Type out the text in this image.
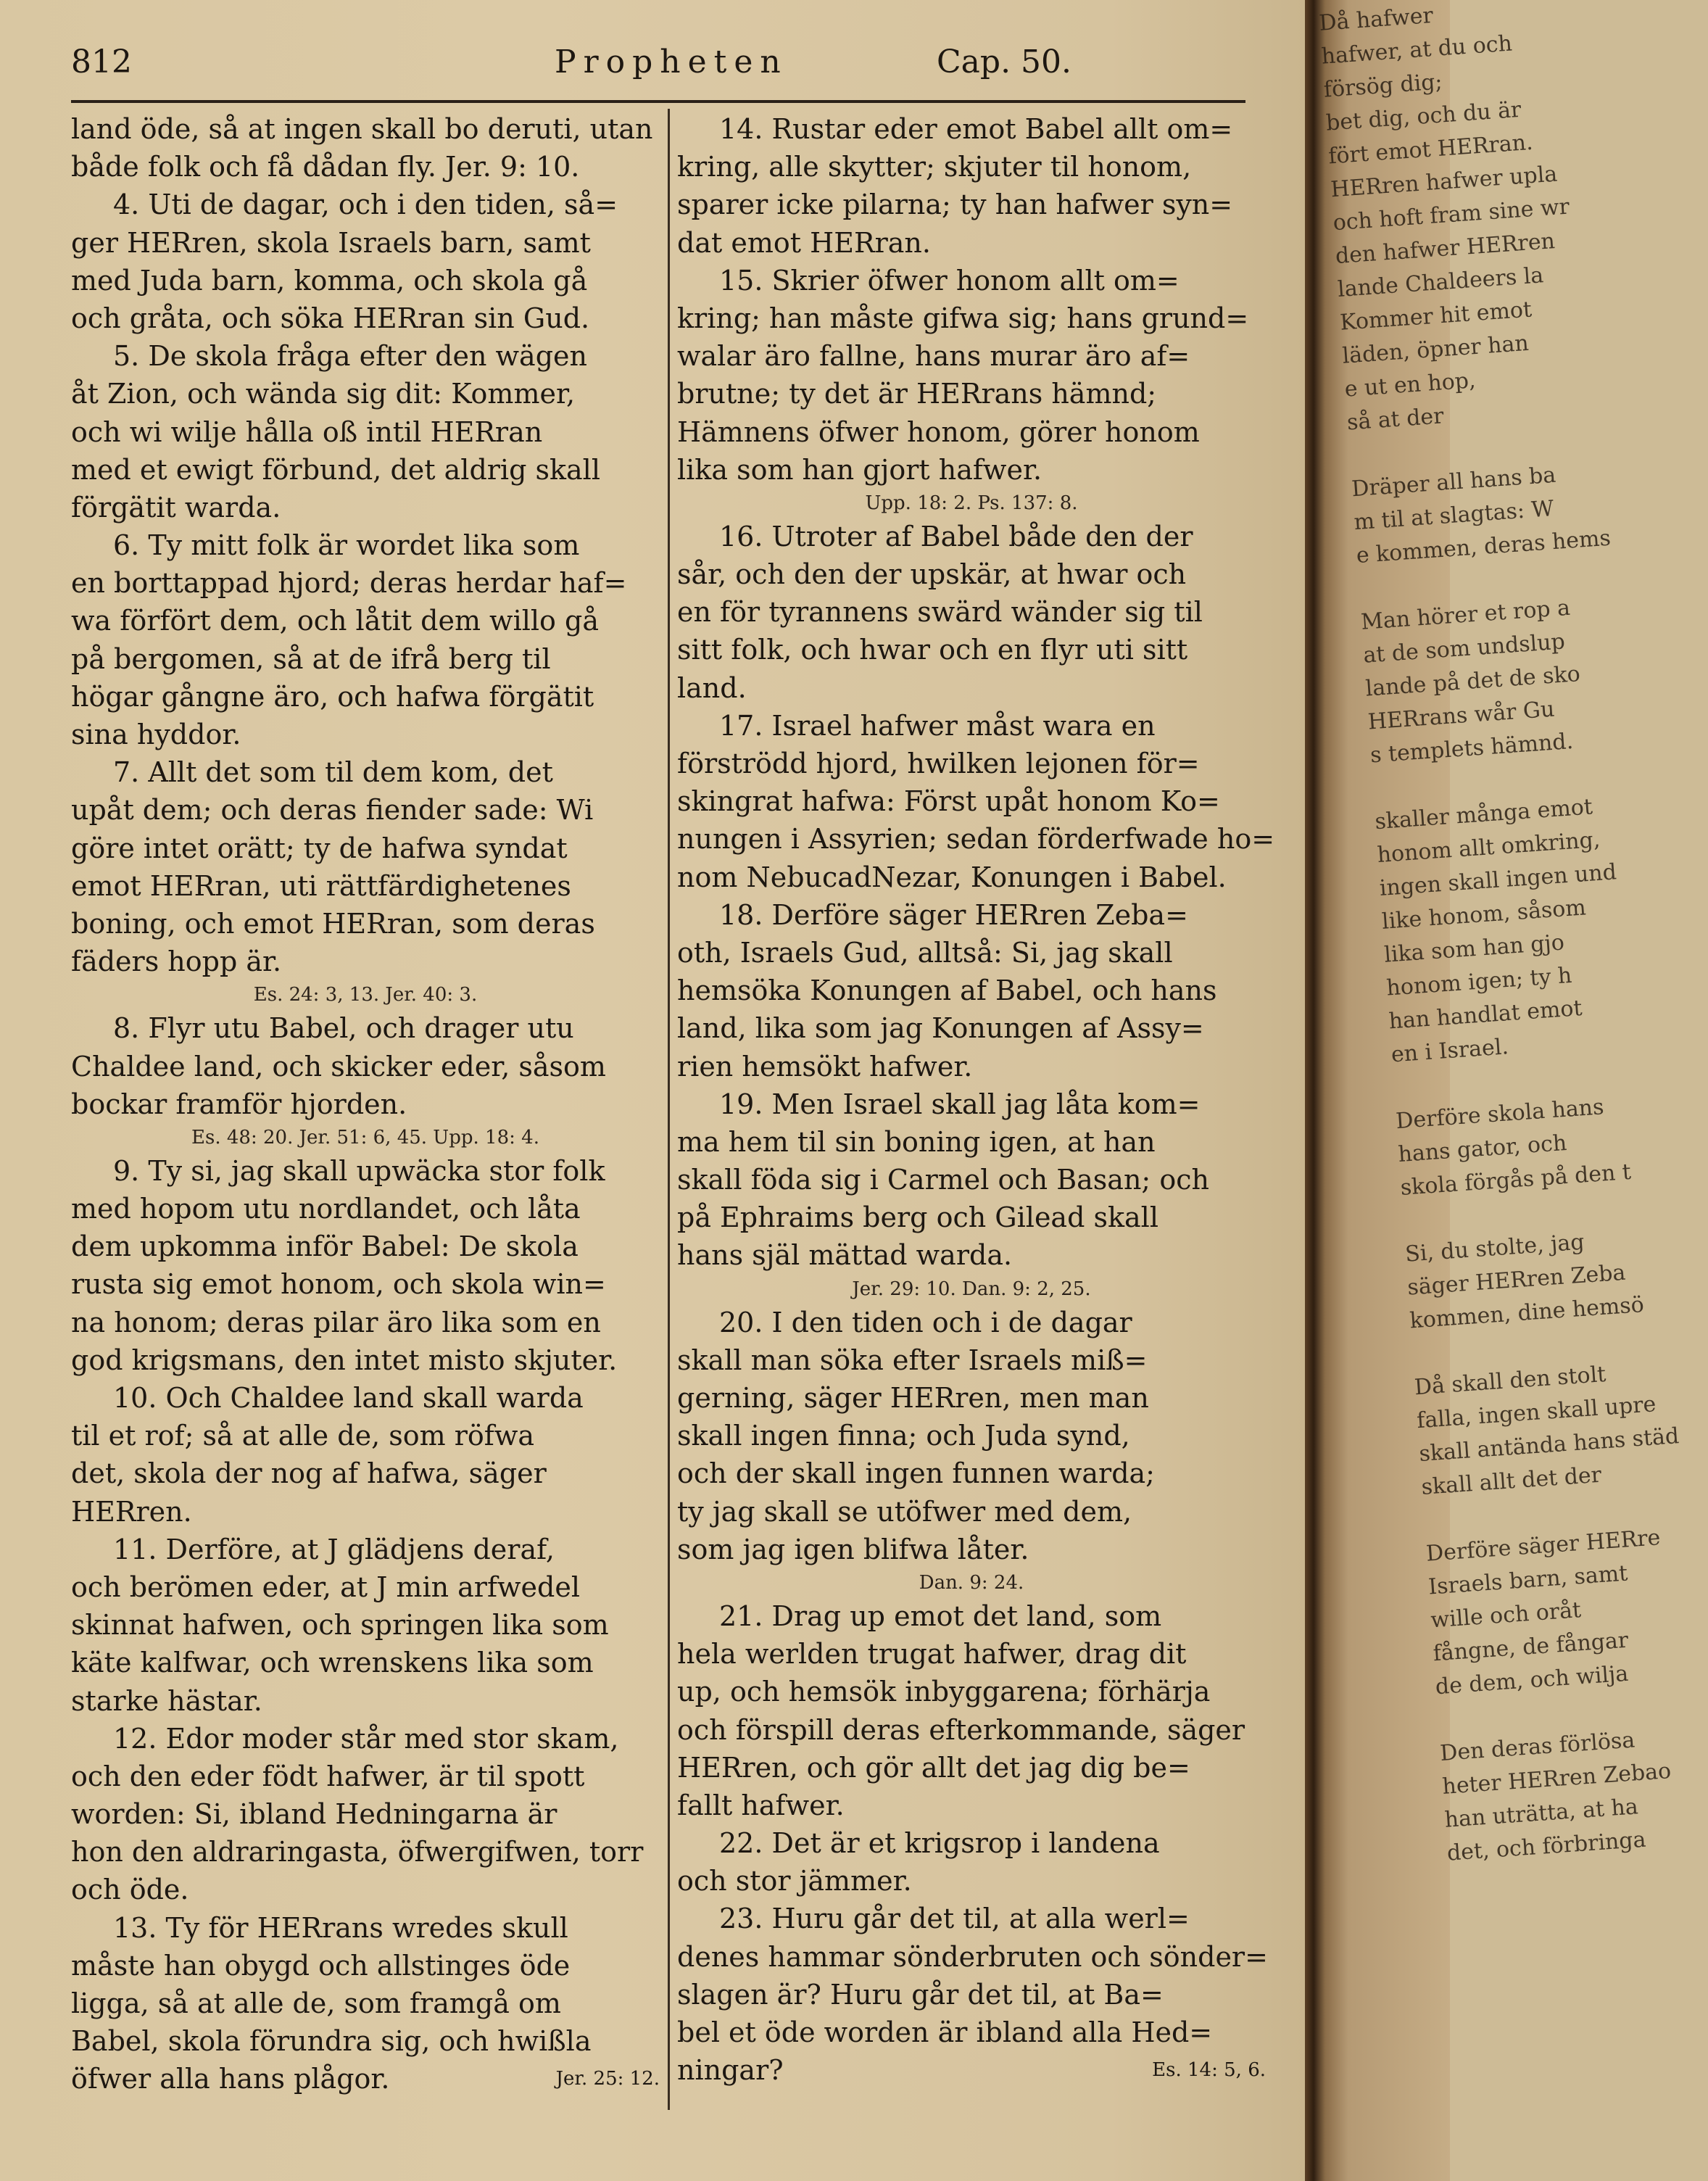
812	Propheten	Cap. 50.
land öde, så at ingen skall bo deruti, utan
både folk och få dådan fly. Jer. 9: 10.
4. Uti de dagar, och i den tiden, så=
ger HERren, skola Israels barn, samt
med Juda barn, komma, och skola gå
och gråta, och söka HERran sin Gud.
5. De skola fråga efter den wägen
åt Zion, och wända sig dit: Kommer,
och wi wilje hålla oß intil HERran
med et ewigt förbund, det aldrig skall
förgätit warda.
6. Ty mitt folk är wordet lika som
en borttappad hjord; deras herdar haf=
wa förfört dem, och låtit dem willo gå
på bergomen, så at de ifrå berg til
högar gångne äro, och hafwa förgätit
sina hyddor.
7. Allt det som til dem kom, det
upåt dem; och deras fiender sade: Wi
göre intet orätt; ty de hafwa syndat
emot HERran, uti rättfärdighetenes
boning, och emot HERran, som deras
fäders hopp är.
Es. 24: 3, 13. Jer. 40: 3.
8. Flyr utu Babel, och drager utu
Chaldee land, och skicker eder, såsom
bockar framför hjorden.
Es. 48: 20. Jer. 51: 6, 45. Upp. 18: 4.
9. Ty si, jag skall upwäcka stor folk
med hopom utu nordlandet, och låta
dem upkomma inför Babel: De skola
rusta sig emot honom, och skola win=
na honom; deras pilar äro lika som en
god krigsmans, den intet misto skjuter.
10. Och Chaldee land skall warda
til et rof; så at alle de, som röfwa
det, skola der nog af hafwa, säger
HERren.
11. Derföre, at J glädjens deraf,
och berömen eder, at J min arfwedel
skinnat hafwen, och springen lika som
käte kalfwar, och wrenskens lika som
starke hästar.
12. Edor moder står med stor skam,
och den eder födt hafwer, är til spott
worden: Si, ibland Hedningarna är
hon den aldraringasta, öfwergifwen, torr
och öde.
13. Ty för HERrans wredes skull
måste han obygd och allstinges öde
ligga, så at alle de, som framgå om
Babel, skola förundra sig, och hwißla
öfwer alla hans plågor.	Jer. 25: 12.
14. Rustar eder emot Babel allt om=
kring, alle skytter; skjuter til honom,
sparer icke pilarna; ty han hafwer syn=
dat emot HERran.
15. Skrier öfwer honom allt om=
kring; han måste gifwa sig; hans grund=
walar äro fallne, hans murar äro af=
brutne; ty det är HERrans hämnd;
Hämnens öfwer honom, görer honom
lika som han gjort hafwer.
Upp. 18: 2. Ps. 137: 8.
16. Utroter af Babel både den der
sår, och den der upskär, at hwar och
en för tyrannens swärd wänder sig til
sitt folk, och hwar och en flyr uti sitt
land.
17. Israel hafwer måst wara en
förströdd hjord, hwilken lejonen för=
skingrat hafwa: Först upåt honom Ko=
nungen i Assyrien; sedan förderfwade ho=
nom NebucadNezar, Konungen i Babel.
18. Derföre säger HERren Zeba=
oth, Israels Gud, alltså: Si, jag skall
hemsöka Konungen af Babel, och hans
land, lika som jag Konungen af Assy=
rien hemsökt hafwer.
19. Men Israel skall jag låta kom=
ma hem til sin boning igen, at han
skall föda sig i Carmel och Basan; och
på Ephraims berg och Gilead skall
hans själ mättad warda.
Jer. 29: 10. Dan. 9: 2, 25.
20. I den tiden och i de dagar
skall man söka efter Israels miß=
gerning, säger HERren, men man
skall ingen finna; och Juda synd,
och der skall ingen funnen warda;
ty jag skall se utöfwer med dem,
som jag igen blifwa låter.
Dan. 9: 24.
21. Drag up emot det land, som
hela werlden trugat hafwer, drag dit
up, och hemsök inbyggarena; förhärja
och förspill deras efterkommande, säger
HERren, och gör allt det jag dig be=
fallt hafwer.
22. Det är et krigsrop i landena
och stor jämmer.
23. Huru går det til, at alla werl=
denes hammar sönderbruten och sönder=
slagen är? Huru går det til, at Ba=
bel et öde worden är ibland alla Hed=
ningar?	Es. 14: 5, 6.
Då hafwer
hafwer, at du och
försög dig;
bet dig, och du är
fört emot HERran.
HERren hafwer upla
och hoft fram sine wr
den hafwer HERren
lande Chaldeers la
Kommer hit emot
läden, öpner han
e ut en hop,
så at der

Dräper all hans ba
m til at slagtas: W
e kommen, deras hems

Man hörer et rop a
at de som undslup
lande på det de sko
HERrans wår Gu
s templets hämnd.

skaller många emot
honom allt omkring,
ingen skall ingen und
like honom, såsom
lika som han gjo
honom igen; ty h
han handlat emot
en i Israel.

Derföre skola hans
hans gator, och
skola förgås på den t

Si, du stolte, jag
säger HERren Zeba
kommen, dine hemsö

Då skall den stolt
falla, ingen skall upre
skall antända hans städ
skall allt det der

Derföre säger HERre
Israels barn, samt
wille och oråt
fångne, de fångar
de dem, och wilja

Den deras förlösa
heter HERren Zebao
han uträtta, at ha
det, och förbringa
